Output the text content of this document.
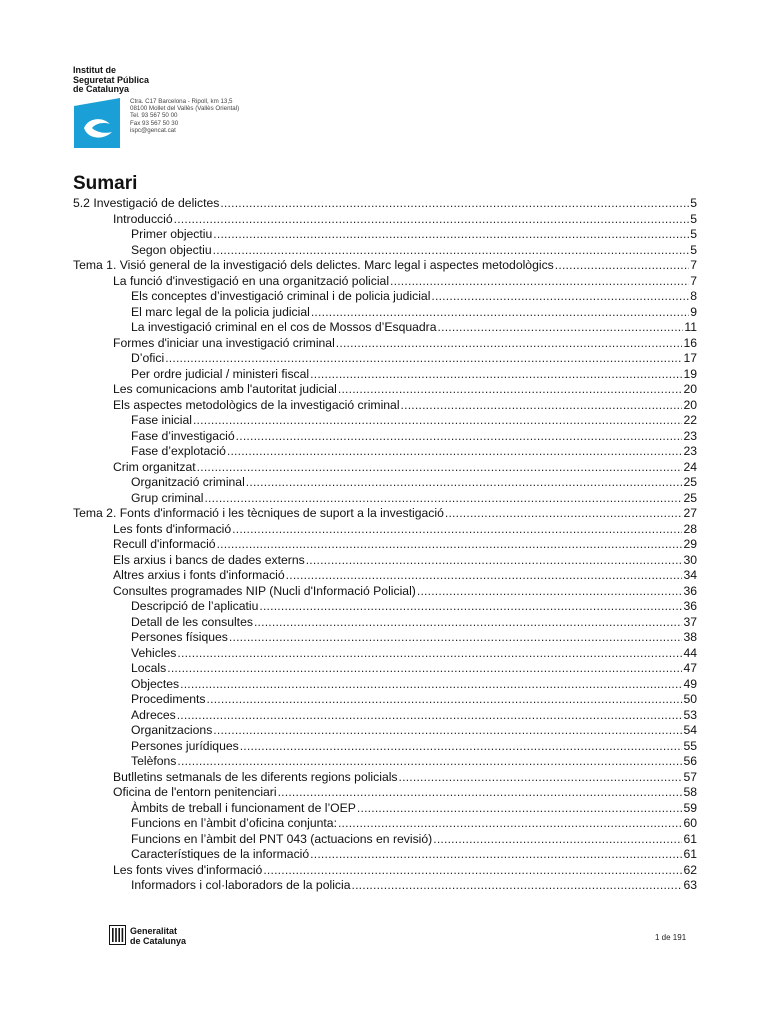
Institut de
Seguretat Pública
de Catalunya
Ctra. C17 Barcelona - Ripoll, km 13,5
08100 Mollet del Vallès (Vallès Oriental)
Tel. 93 567 50 00
Fax 93 567 50 30
ispc@gencat.cat
Sumari
5.2 Investigació de delictes .....	5
Introducció .....	5
Primer objectiu .....	5
Segon objectiu .....	5
Tema 1. Visió general de la investigació dels delictes. Marc legal i aspectes metodològics .....	7
La funció d'investigació en una organització policial .....	7
Els conceptes d’investigació criminal i de policia judicial .....	8
El marc legal de la policia judicial .....	9
La investigació criminal en el cos de Mossos d’Esquadra .....	11
Formes d'iniciar una investigació criminal .....	16
D’ofici .....	17
Per ordre judicial / ministeri fiscal .....	19
Les comunicacions amb l'autoritat judicial .....	20
Els aspectes metodològics de la investigació criminal .....	20
Fase inicial .....	22
Fase d’investigació .....	23
Fase d’explotació .....	23
Crim organitzat .....	24
Organització criminal .....	25
Grup criminal .....	25
Tema 2. Fonts d'informació i les tècniques de suport a la investigació .....	27
Les fonts d'informació .....	28
Recull d'informació .....	29
Els arxius i bancs de dades externs .....	30
Altres arxius i fonts d'informació .....	34
Consultes programades NIP (Nucli d'Informació Policial) .....	36
Descripció de l’aplicatiu .....	36
Detall de les consultes .....	37
Persones físiques .....	38
Vehicles .....	44
Locals .....	47
Objectes .....	49
Procediments .....	50
Adreces .....	53
Organitzacions .....	54
Persones jurídiques .....	55
Telèfons .....	56
Butlletins setmanals de les diferents regions policials .....	57
Oficina de l'entorn penitenciari .....	58
Àmbits de treball i funcionament de l’OEP .....	59
Funcions en l’àmbit d’oficina conjunta: .....	60
Funcions en l’àmbit del PNT 043 (actuacions en revisió) .....	61
Característiques de la informació .....	61
Les fonts vives d'informació .....	62
Informadors i col·laboradors de la policia .....	63
Generalitat
de Catalunya	1 de 191
